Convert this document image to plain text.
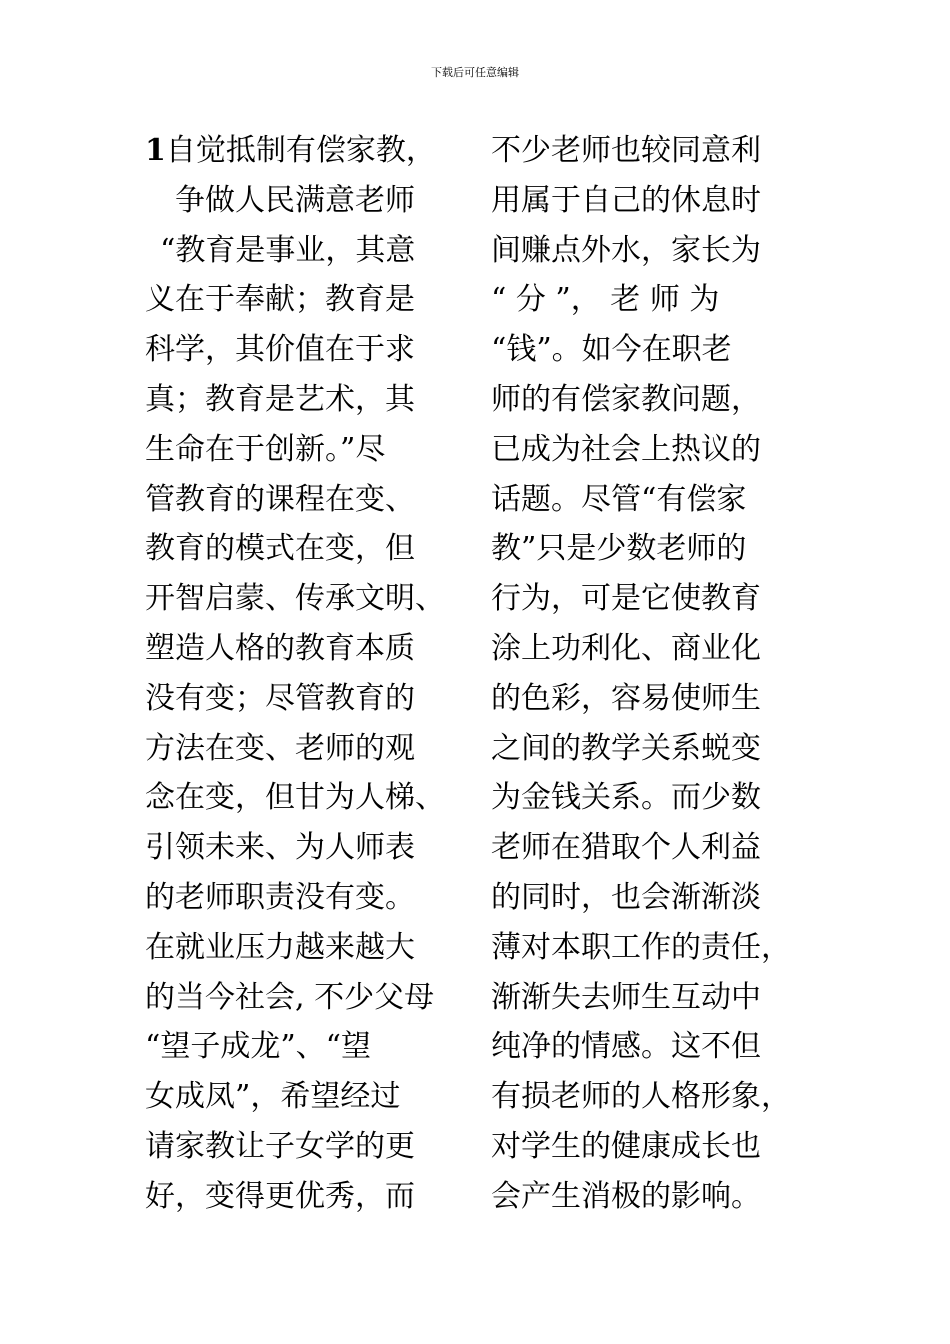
下载后可任意编辑
1自觉抵制有偿家教，
争做人民满意老师
“教育是事业，其意
义在于奉献；教育是
科学，其价值在于求
真；教育是艺术，其
生命在于创新。”尽
管教育的课程在变、
教育的模式在变，但
开智启蒙、传承文明、
塑造人格的教育本质
没有变；尽管教育的
方法在变、老师的观
念在变，但甘为人梯、
引领未来、为人师表
的老师职责没有变。
在就业压力越来越大
的当今社会, 不少父母
“望子成龙”、“望
女成凤”，希望经过
请家教让子女学的更
好，变得更优秀，而
不少老师也较同意利
用属于自己的休息时
间赚点外水，家长为
“ 分 ”， 老 师 为
“钱”。如今在职老
师的有偿家教问题，
已成为社会上热议的
话题。尽管“有偿家
教”只是少数老师的
行为，可是它使教育
涂上功利化、商业化
的色彩，容易使师生
之间的教学关系蜕变
为金钱关系。而少数
老师在猎取个人利益
的同时，也会渐渐淡
薄对本职工作的责任，
渐渐失去师生互动中
纯净的情感。这不但
有损老师的人格形象，
对学生的健康成长也
会产生消极的影响。
